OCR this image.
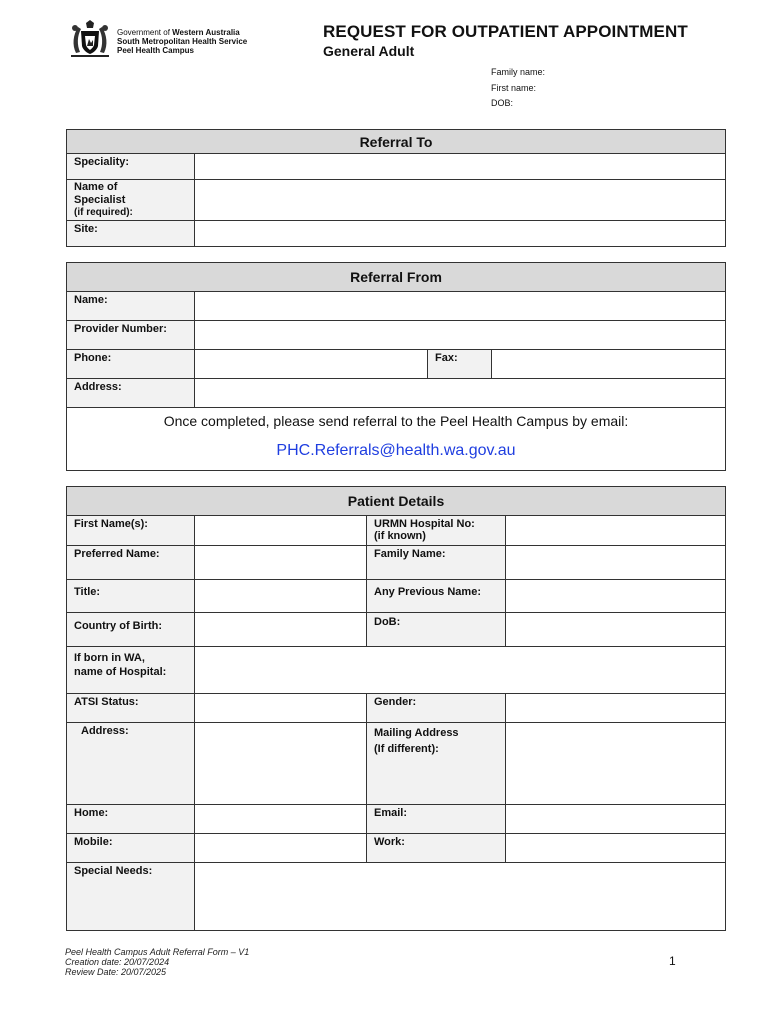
Government of Western Australia
South Metropolitan Health Service
Peel Health Campus
REQUEST FOR OUTPATIENT APPOINTMENT
General Adult
Family name:
First name:
DOB:
Referral To	
Speciality:	

Name of
Specialist
(if required):	

Site:	
Referral From			
Name:			
Provider Number:			
Phone:		Fax:	
Address:			

Once completed, please send referral to the Peel Health Campus by email:
PHC.Referrals@health.wa.gov.au			
Patient Details			
First Name(s):		URMN Hospital No:
(if known)	

Preferred Name:		Family Name:	
Title:		Any Previous Name:	
Country of Birth:		DoB:	

If born in WA,
name of Hospital:			

ATSI Status:		Gender:	
Address:		Mailing Address
(If different):	

Home:		Email:	
Mobile:		Work:	
Special Needs:			
Peel Health Campus Adult Referral Form – V1
Creation date: 20/07/2024
Review Date: 20/07/2025
1
